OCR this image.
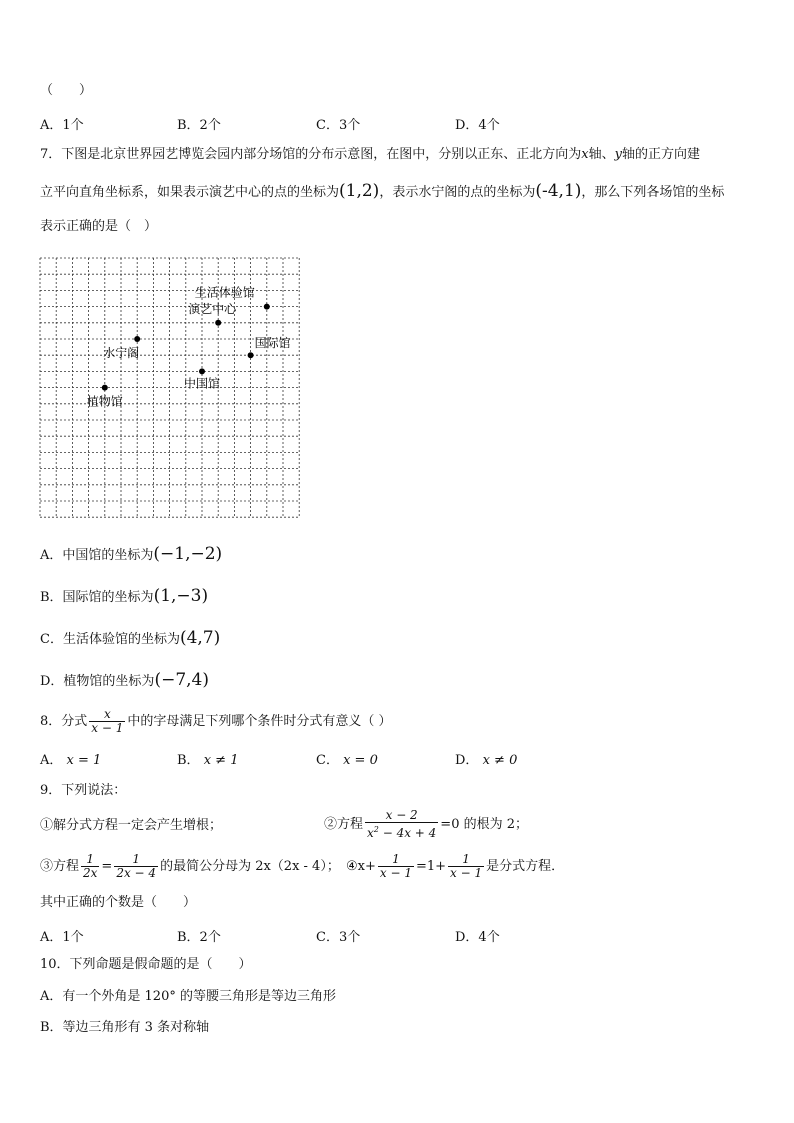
（　　）
A．1个	B．2个	C．3个	D．4个
7．下图是北京世界园艺博览会园内部分场馆的分布示意图，在图中，分别以正东、正北方向为x轴、y轴的正方向建
立平向直角坐标系，如果表示演艺中心的点的坐标为(1,2)，表示水宁阁的点的坐标为(-4,1)，那么下列各场馆的坐标
表示正确的是（　）
生活体验馆
演艺中心
水宁阁
国际馆
中国馆
植物馆
A．中国馆的坐标为(−1,−2)
B．国际馆的坐标为(1,−3)
C．生活体验馆的坐标为(4,7)
D．植物馆的坐标为(−7,4)
8．分式 $\frac{x}{x - 1}$ 中的字母满足下列哪个条件时分式有意义（ ）
A． x = 1	B． x ≠ 1	C． x = 0	D． x ≠ 0
9．下列说法：
①解分式方程一定会产生增根；	②方程 $\frac{x - 2}{x^2 - 4x + 4} =0$ 的根为 2；
③方程 $\frac{1}{2x} = \frac{1}{2x - 4}$ 的最简公分母为 2x（2x - 4）； ④x+ $\frac{1}{x - 1} =1+ \frac{1}{x - 1}$ 是分式方程．
其中正确的个数是（　　）
A．1个	B．2个	C．3个	D．4个
10．下列命题是假命题的是（　　）
A．有一个外角是 120° 的等腰三角形是等边三角形
B．等边三角形有 3 条对称轴
